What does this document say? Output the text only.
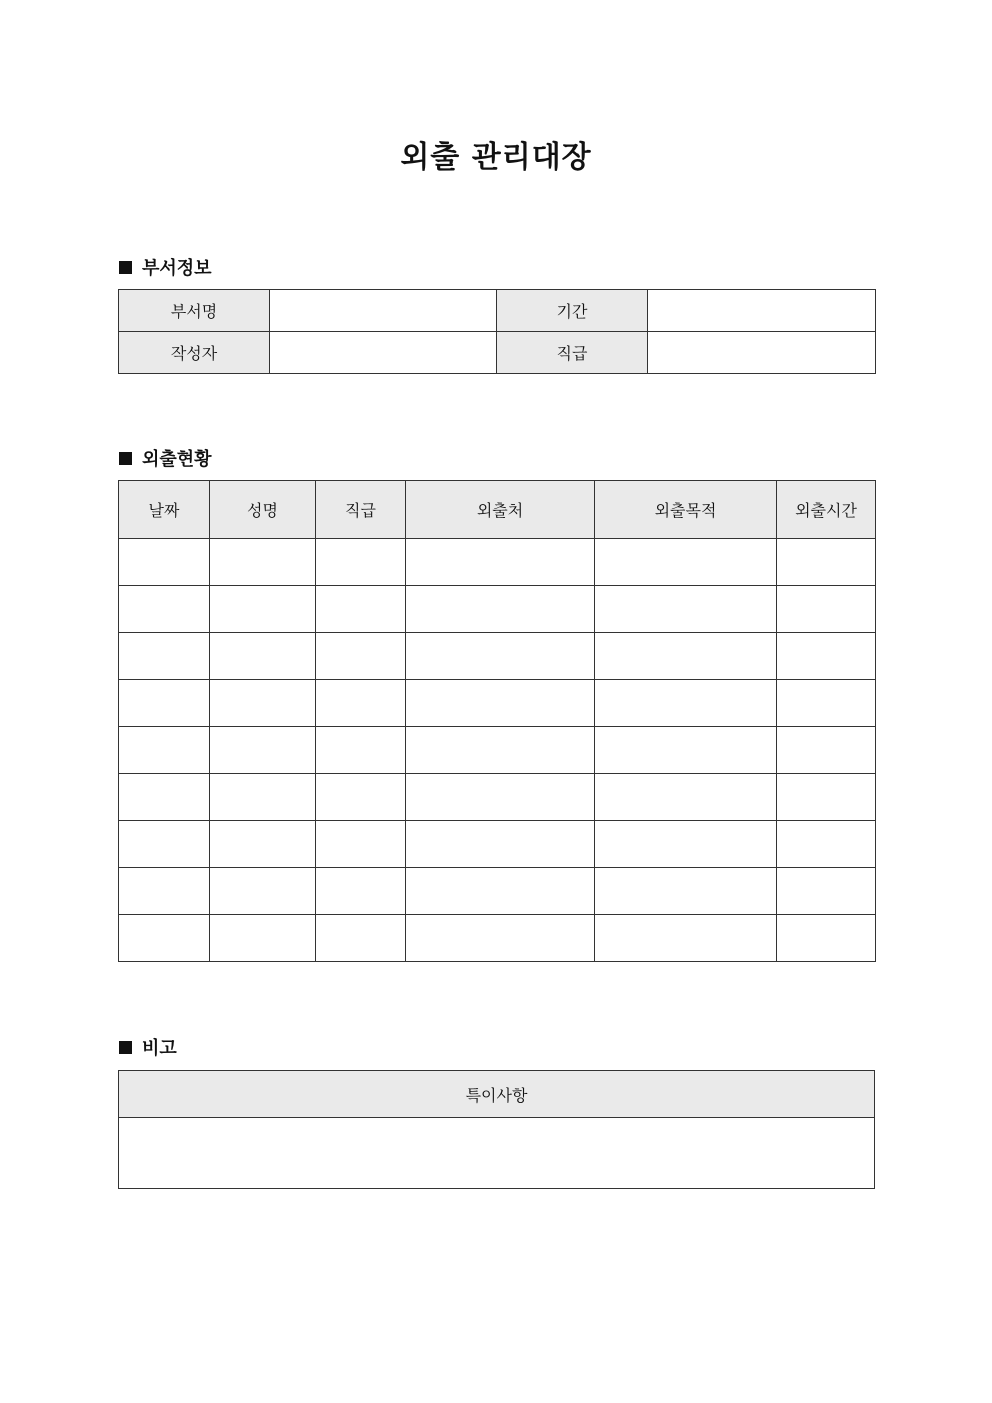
외출 관리대장
부서정보
부서명		기간	
작성자		직급	
외출현황
날짜	성명	직급	외출처	외출목적	외출시간

비고
특이사항
